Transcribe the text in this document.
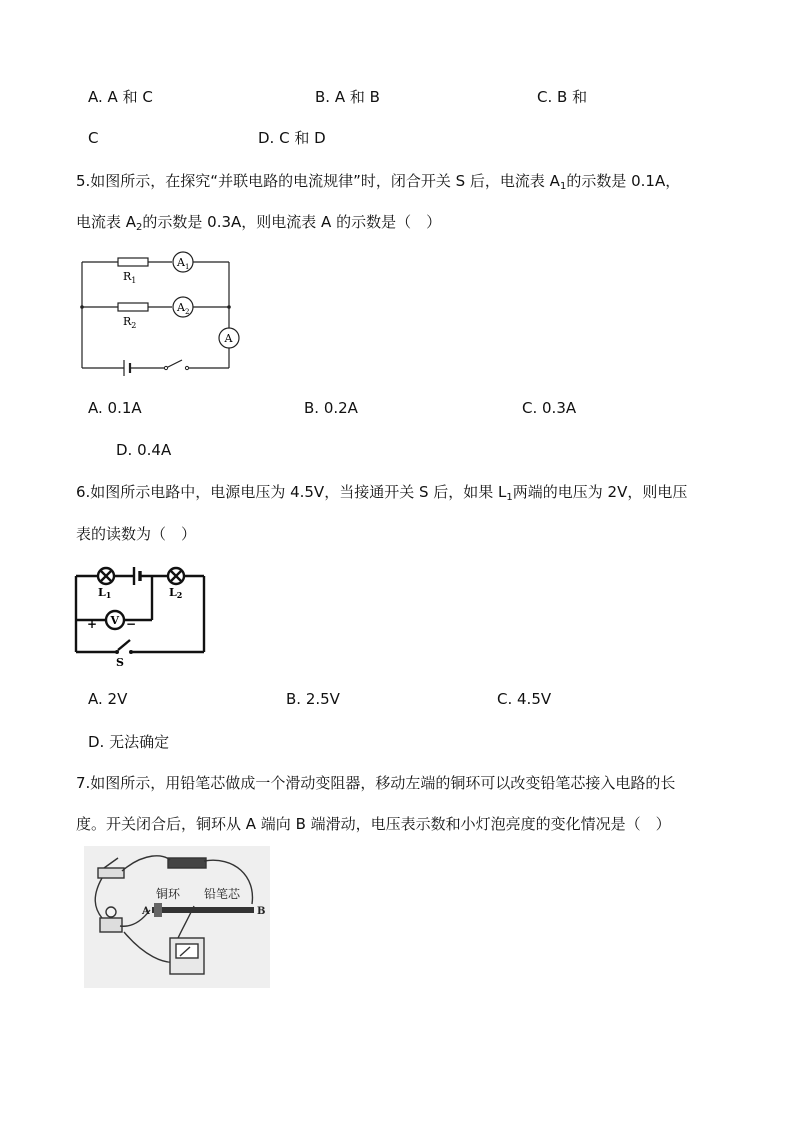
A. A 和 C	B. A 和 B	C. B 和
C	D. C 和 D
5.如图所示，在探究“并联电路的电流规律”时，闭合开关 S 后，电流表 $A_1$的示数是 0.1A，
电流表 $A_2$的示数是 0.3A，则电流表 A 的示数是（　）
$R_1$
$R_2$
$A_1$
$A_2$
A
A. 0.1A	B. 0.2A	C. 0.3A
D. 0.4A
6.如图所示电路中，电源电压为 4.5V，当接通开关 S 后，如果 $L_1$两端的电压为 2V，则电压
表的读数为（　）
V
+ −
L1	L2
S
A. 2V	B. 2.5V	C. 4.5V
D. 无法确定
7.如图所示，用铅笔芯做成一个滑动变阻器，移动左端的铜环可以改变铅笔芯接入电路的长
度。开关闭合后，铜环从 A 端向 B 端滑动，电压表示数和小灯泡亮度的变化情况是（　）
铜环 铅笔芯
A	B
